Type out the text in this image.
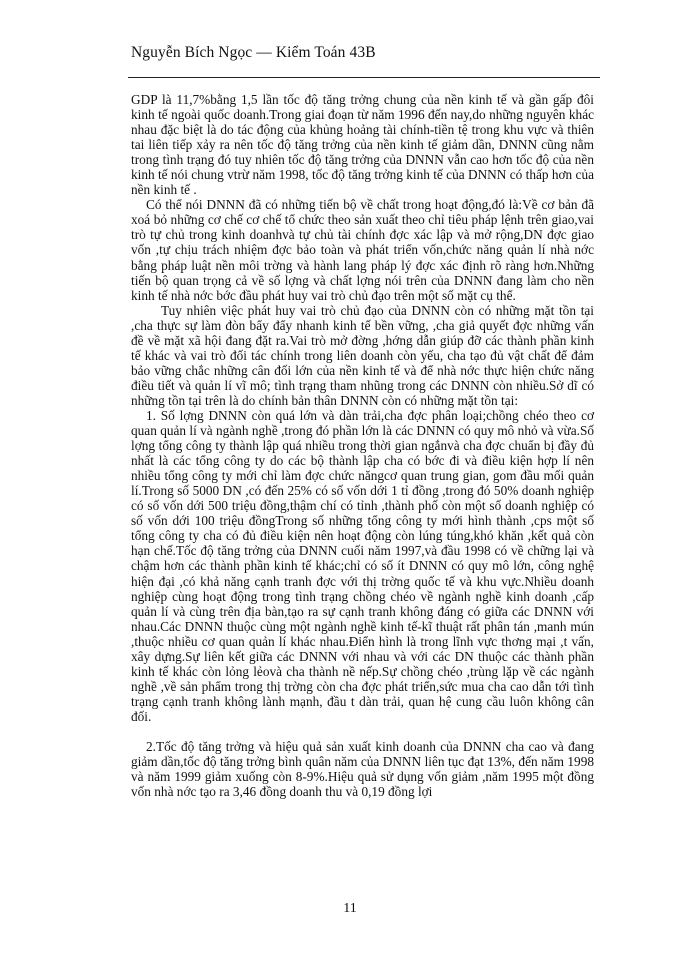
Nguyễn Bích Ngọc — Kiểm Toán 43B

GDP là 11,7%bằng 1,5 lần tốc độ tăng trởng chung của nền kinh tế và gần gấp đôi kinh tế ngoài quốc doanh.Trong giai đoạn từ năm 1996 đến nay,do những nguyên khác nhau đặc biệt là do tác động của khủng hoảng tài chính-tiền tệ trong khu vực và thiên tai liên tiếp xảy ra nên tốc độ tăng trởng của nền kinh tế giảm dần, DNNN cũng nằm trong tình trạng đó tuy nhiên tốc độ tăng trởng của DNNN vẫn cao hơn tốc độ của nền kinh tế nói chung vtrừ năm 1998, tốc độ tăng trởng kinh tế của DNNN có thấp hơn của nền kinh tế .

Có thể nói DNNN đã có những tiến bộ về chất trong hoạt động,đó là:Về cơ bản đã xoá bỏ những cơ chế cơ chế tổ chức theo sản xuất theo chỉ tiêu pháp lệnh trên giao,vai trò tự chủ trong kinh doanhvà tự chủ tài chính đợc xác lập và mở rộng,DN đợc giao vốn ,tự chịu trách nhiệm đợc bảo toàn và phát triển vốn,chức năng quản lí nhà nớc bằng pháp luật nền môi trờng và hành lang pháp lý đợc xác định rõ ràng hơn.Những tiến bộ quan trọng cả về số lợng và chất lợng nói trên của DNNN đang làm cho nền kinh tế nhà nớc bớc đầu phát huy vai trò chủ đạo trên một số mặt cụ thể.

Tuy nhiên việc phát huy vai trò chủ đạo của DNNN còn có những mặt tồn tại ,cha thực sự làm đòn bẩy đẩy nhanh kinh tế bền vững, ,cha giả quyết đợc những vấn đề về mặt xã hội đang đặt ra.Vai trò mở đờng ,hớng dẫn giúp đỡ các thành phần kinh tế khác và vai trò đối tác chính trong liên doanh còn yếu, cha tạo đủ vật chất để đảm bảo vững chắc những cân đối lớn của nền kinh tế và để nhà nớc thực hiện chức năng điều tiết và quản lí vĩ mô; tình trạng tham nhũng trong các DNNN còn nhiều.Sở dĩ có những tồn tại trên là do chính bản thân DNNN còn có những mặt tồn tại:

1. Số lợng DNNN còn quá lớn và dàn trải,cha đợc phân loại;chồng chéo theo cơ quan quản lí và ngành nghề ,trong đó phần lớn là các DNNN có quy mô nhỏ và vừa.Số lợng tổng công ty thành lập quá nhiều trong thời gian ngắnvà cha đợc chuẩn bị đầy đủ nhất là các tổng công ty do các bộ thành lập cha có bớc đi và điều kiện hợp lí nên nhiều tổng công ty mới chỉ làm đợc chức năngcơ quan trung gian, gom đầu mối quản lí.Trong số 5000 DN ,có đến 25% có số vốn dới 1 tỉ đồng ,trong đó 50% doanh nghiệp có số vốn dới 500 triệu đồng,thậm chí có tỉnh ,thành phố còn một số doanh nghiệp có số vốn dới 100 triệu đồngTrong số những tổng công ty mới hình thành ,cps một số tổng công ty cha có đủ điều kiện nên hoạt động còn lúng túng,khó khăn ,kết quả còn hạn chế.Tốc độ tăng trởng của DNNN cuối năm 1997,và đầu 1998 có về chững lại và chậm hơn các thành phần kinh tế khác;chỉ có số ít DNNN có quy mô lớn, công nghệ hiện đại ,có khả năng cạnh tranh đợc với thị trờng quốc tế và khu vực.Nhiều doanh nghiệp cùng hoạt động trong tình trạng chồng chéo về ngành nghề kinh doanh ,cấp quản lí và cùng trên địa bàn,tạo ra sự cạnh tranh không đáng có giữa các DNNN với nhau.Các DNNN thuộc cùng một ngành nghề kinh tế-kĩ thuật rất phân tán ,manh mún ,thuộc nhiều cơ quan quản lí khác nhau.Điển hình là trong lĩnh vực thơng mại ,t vấn, xây dựng.Sự liên kết giữa các DNNN với nhau và với các DN thuộc các thành phần kinh tế khác còn lỏng lẻovà cha thành nề nếp.Sự chồng chéo ,trùng lặp về các ngành nghề ,về sản phẩm trong thị trờng còn cha đợc phát triển,sức mua cha cao dẫn tới tình trạng cạnh tranh không lành mạnh, đầu t dàn trải, quan hệ cung cầu luôn không cân đối.

2.Tốc độ tăng trởng và hiệu quả sản xuất kinh doanh của DNNN cha cao và đang giảm dần,tốc độ tăng trởng bình quân năm của DNNN liên tục đạt 13%, đến năm 1998 và năm 1999 giảm xuống còn 8-9%.Hiệu quả sử dụng vốn giảm ,năm 1995 một đồng vốn nhà nớc tạo ra 3,46 đồng doanh thu và 0,19 đồng lợi

11
